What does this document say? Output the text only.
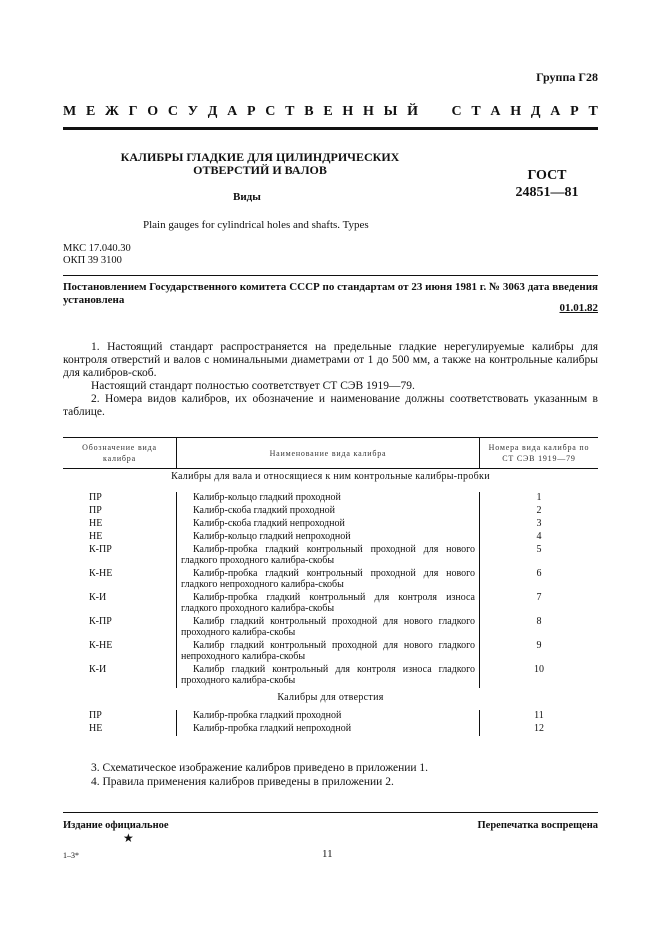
Группа Г28
М Е Ж Г О С У Д А Р С Т В Е Н Н Ы Й С Т А Н Д А Р Т
КАЛИБРЫ ГЛАДКИЕ ДЛЯ ЦИЛИНДРИЧЕСКИХ
ОТВЕРСТИЙ И ВАЛОВ	ГОСТ
24851—81
Виды
Plain gauges for cylindrical holes and shafts. Types
МКС 17.040.30
ОКП 39 3100
Постановлением Государственного комитета СССР по стандартам от 23 июня 1981 г. № 3063 дата введения установлена
01.01.82
1. Настоящий стандарт распространяется на предельные гладкие нерегулируемые калибры для контроля отверстий и валов с номинальными диаметрами от 1 до 500 мм, а также на контрольные калибры для калибров-скоб.
Настоящий стандарт полностью соответствует СТ СЭВ 1919—79.
2. Номера видов калибров, их обозначение и наименование должны соответствовать указанным в таблице.
Обозначение вида калибра	Наименование вида калибра	Номера вида калибра по СТ СЭВ 1919—79
Калибры для вала и относящиеся к ним контрольные калибры-пробки		
ПР	Калибр-кольцо гладкий проходной	1
ПР	Калибр-скоба гладкий проходной	2
НЕ	Калибр-скоба гладкий непроходной	3
НЕ	Калибр-кольцо гладкий непроходной	4
К-ПР	Калибр-пробка гладкий контрольный проходной для нового гладкого проходного калибра-скобы	5
К-НЕ	Калибр-пробка гладкий контрольный проходной для нового гладкого непроходного калибра-скобы	6
К-И	Калибр-пробка гладкий контрольный для контроля износа гладкого проходного калибра-скобы	7
К-ПР	Калибр гладкий контрольный проходной для нового гладкого проходного калибра-скобы	8
К-НЕ	Калибр гладкий контрольный проходной для нового гладкого непроходного калибра-скобы	9
К-И	Калибр гладкий контрольный для контроля износа гладкого проходного калибра-скобы	10
Калибры для отверстия		
ПР	Калибр-пробка гладкий проходной	11
НЕ	Калибр-пробка гладкий непроходной	12
3. Схематическое изображение калибров приведено в приложении 1.
4. Правила применения калибров приведены в приложении 2.
Издание официальное	Перепечатка воспрещена
★
1–3*	11
